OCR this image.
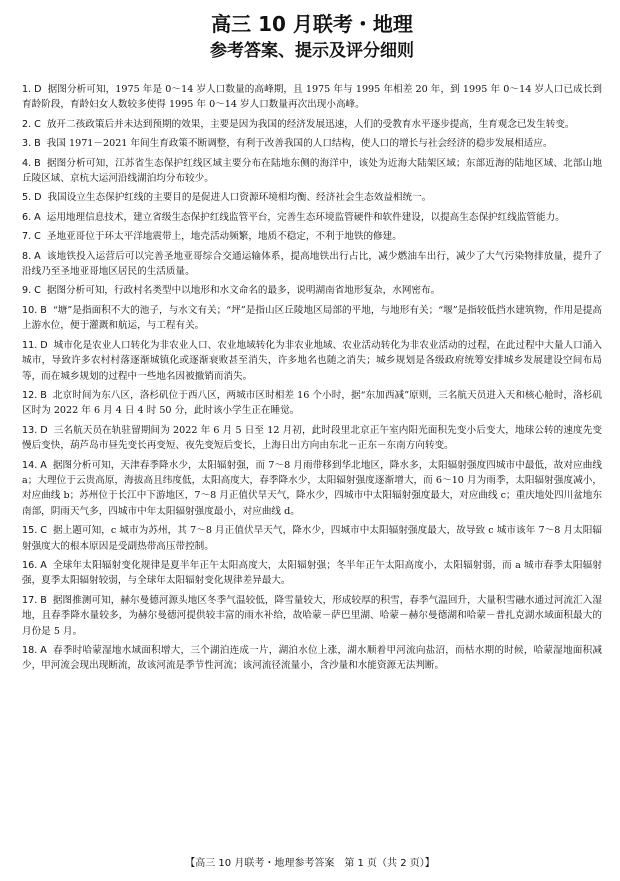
高三 10 月联考・地理
参考答案、提示及评分细则
1. D 据图分析可知，1975 年是 0～14 岁人口数量的高峰期，且 1975 年与 1995 年相差 20 年，到 1995 年 0～14 岁人口已成长到育龄阶段，育龄妇女人数较多使得 1995 年 0～14 岁人口数量再次出现小高峰。
2. C 放开二孩政策后并未达到预期的效果，主要是因为我国的经济发展迅速，人们的受教育水平逐步提高，生育观念已发生转变。
3. B 我国 1971－2021 年间生育政策不断调整，有利于改善我国的人口结构，使人口的增长与社会经济的稳步发展相适应。
4. B 据图分析可知，江苏省生态保护红线区域主要分布在陆地东侧的海洋中，该处为近海大陆架区域；东部近海的陆地区域、北部山地丘陵区域、京杭大运河沿线湖泊均分布较少。
5. D 我国设立生态保护红线的主要目的是促进人口资源环境相均衡、经济社会生态效益相统一。
6. A 运用地理信息技术，建立省级生态保护红线监管平台，完善生态环境监管硬件和软件建设，以提高生态保护红线监管能力。
7. C 圣地亚哥位于环太平洋地震带上，地壳活动频繁，地质不稳定，不利于地铁的修建。
8. A 该地铁投入运营后可以完善圣地亚哥综合交通运输体系，提高地铁出行占比，减少燃油车出行，减少了大气污染物排放量，提升了沿线乃至圣地亚哥地区居民的生活质量。
9. C 据图分析可知，行政村名类型中以地形和水文命名的最多，说明湖南省地形复杂，水网密布。
10. B “塘”是指面积不大的池子，与水文有关；“坪”是指山区丘陵地区局部的平地，与地形有关；“堰”是指较低挡水建筑物，作用是提高上游水位，便于灌溉和航运，与工程有关。
11. D 城市化是农业人口转化为非农业人口、农业地域转化为非农业地域、农业活动转化为非农业活动的过程，在此过程中大量人口涌入城市，导致许多农村村落逐渐城镇化或逐渐衰败甚至消失，许多地名也随之消失；城乡规划是各级政府统筹安排城乡发展建设空间布局等，而在城乡规划的过程中一些地名因被撤销而消失。
12. B 北京时间为东八区，洛杉矶位于西八区，两城市区时相差 16 个小时，据“东加西减”原则，三名航天员进入天和核心舱时，洛杉矶区时为 2022 年 6 月 4 日 4 时 50 分，此时该小学生正在睡觉。
13. D 三名航天员在轨驻留期间为 2022 年 6 月 5 日至 12 月初，此时段里北京正午室内阳光面积先变小后变大，地球公转的速度先变慢后变快，葫芦岛市昼先变长再变短、夜先变短后变长，上海日出方向由东北－正东－东南方向转变。
14. A 据图分析可知，天津春季降水少，太阳辐射强，而 7～8 月雨带移到华北地区，降水多，太阳辐射强度四城市中最低，故对应曲线 a；大理位于云贵高原，海拔高且纬度低，太阳高度大，春季降水少，太阳辐射强度逐渐增大，而 6～10 月为雨季，太阳辐射强度减小，对应曲线 b；苏州位于长江中下游地区，7～8 月正值伏旱天气，降水少，四城市中太阳辐射强度最大，对应曲线 c；重庆地处四川盆地东南部，阴雨天气多，四城市中年太阳辐射强度最小，对应曲线 d。
15. C 据上题可知，c 城市为苏州，其 7～8 月正值伏旱天气，降水少，四城市中太阳辐射强度最大，故导致 c 城市该年 7～8 月太阳辐射强度大的根本原因是受副热带高压带控制。
16. A 全球年太阳辐射变化规律是夏半年正午太阳高度大，太阳辐射强；冬半年正午太阳高度小，太阳辐射弱，而 a 城市春季太阳辐射强，夏季太阳辐射较弱，与全球年太阳辐射变化规律差异最大。
17. B 据图推测可知，赫尔曼德河源头地区冬季气温较低，降雪量较大，形成较厚的积雪，春季气温回升，大量积雪融水通过河流汇入湿地，且春季降水量较多，为赫尔曼德河提供较丰富的雨水补给，故哈蒙－萨巴里湖、哈蒙－赫尔曼德湖和哈蒙－普扎克湖水域面积最大的月份是 5 月。
18. A 春季时哈蒙湿地水域面积增大，三个湖泊连成一片，湖泊水位上涨，湖水顺着甲河流向盐沼，而枯水期的时候，哈蒙湿地面积减少，甲河流会现出现断流，故该河流是季节性河流；该河流径流量小，含沙量和水能资源无法判断。
【高三 10 月联考・地理参考答案　第 1 页（共 2 页）】
